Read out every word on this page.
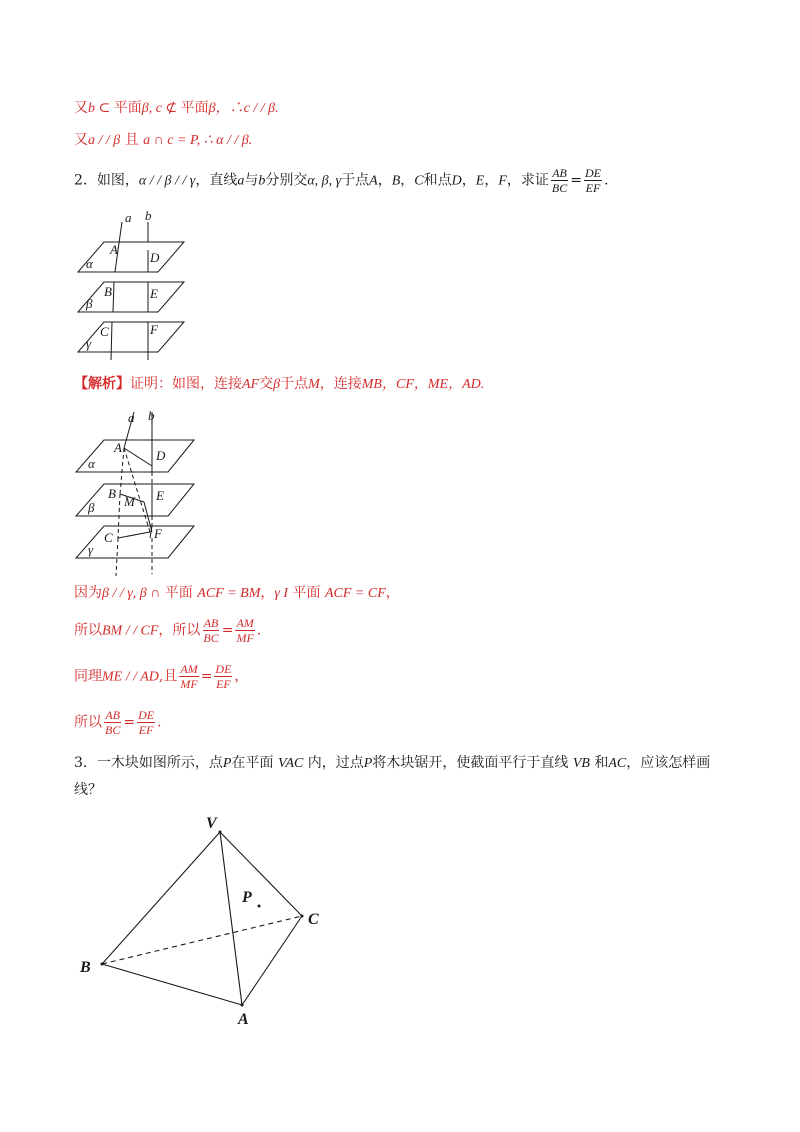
又b ⊂ 平面β, c ⊄ 平面β，∴c / / β.
又a / / β 且 a ∩ c = P, ∴ α / / β.
2．如图，α / / β / / γ，直线a与b分别交α, β, γ于点A，B，C和点D，E，F，求证 $\frac{AB}{BC} = \frac{DE}{EF}$ .
a b
A
D
α
B	E
β
C	F
γ
【解析】证明：如图，连接AF交β于点M，连接MB，CF，ME，AD.
a b
A
D
α
B
M E
β
C	F
γ
因为β / / γ, β ∩ 平面 ACF = BM，γ I 平面 ACF = CF，
所以BM / / CF，所以 $\frac{AB}{BC} = \frac{AM}{MF}$ .
同理ME / / AD,且 $\frac{AM}{MF} = \frac{DE}{EF}$ ，
所以 $\frac{AB}{BC} = \frac{DE}{EF}$ .
3．一木块如图所示，点P在平面 VAC 内，过点P将木块锯开，使截面平行于直线 VB 和AC，应该怎样画线？
V
P
C
B
A
